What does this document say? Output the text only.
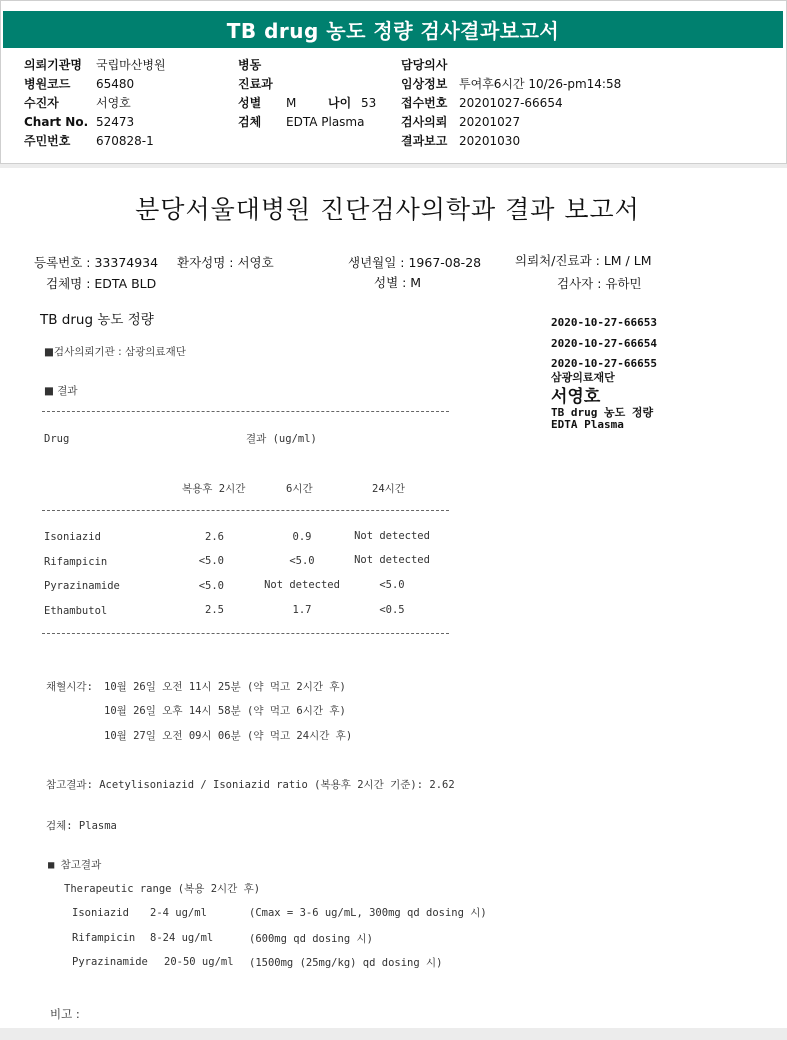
TB drug 농도 정량 검사결과보고서
의뢰기관명 국립마산병원
병원코드 65480
수진자	서영호
Chart No. 52473
주민번호 670828-1
병동
진료과
성별 M	나이 53
검체 EDTA Plasma
담당의사
임상정보 투여후6시간 10/26-pm14:58
접수번호 20201027-66654
검사의뢰 20201027
결과보고 20201030
분당서울대병원 진단검사의학과 결과 보고서
등록번호 : 33374934 환자성명 : 서영호	생년월일 : 1967-08-28	의뢰처/진료과 : LM / LM
검체명 : EDTA BLD	성별 : M	검사자 : 유하민
TB drug 농도 정량
■검사의뢰기관 : 삼광의료재단
■ 결과
Drug	결과 (ug/ml)
복용후 2시간	6시간	24시간
Isoniazid	2.6	0.9	Not detected
Rifampicin	<5.0	<5.0	Not detected
Pyrazinamide	<5.0	Not detected	<5.0
Ethambutol	2.5	1.7	<0.5
채혈시각: 10월 26일 오전 11시 25분 (약 먹고 2시간 후)
10월 26일 오후 14시 58분 (약 먹고 6시간 후)
10월 27일 오전 09시 06분 (약 먹고 24시간 후)
참고결과: Acetylisoniazid / Isoniazid ratio (복용후 2시간 기준): 2.62
검체: Plasma
■ 참고결과
Therapeutic range (복용 2시간 후)
Isoniazid 2-4 ug/ml	(Cmax = 3-6 ug/mL, 300mg qd dosing 시)
Rifampicin 8-24 ug/ml	(600mg qd dosing 시)
Pyrazinamide 20-50 ug/ml (1500mg (25mg/kg) qd dosing 시)
비고 :
2020-10-27-66653
2020-10-27-66654
2020-10-27-66655
삼광의료재단
서영호
TB drug 농도 정량
EDTA Plasma
